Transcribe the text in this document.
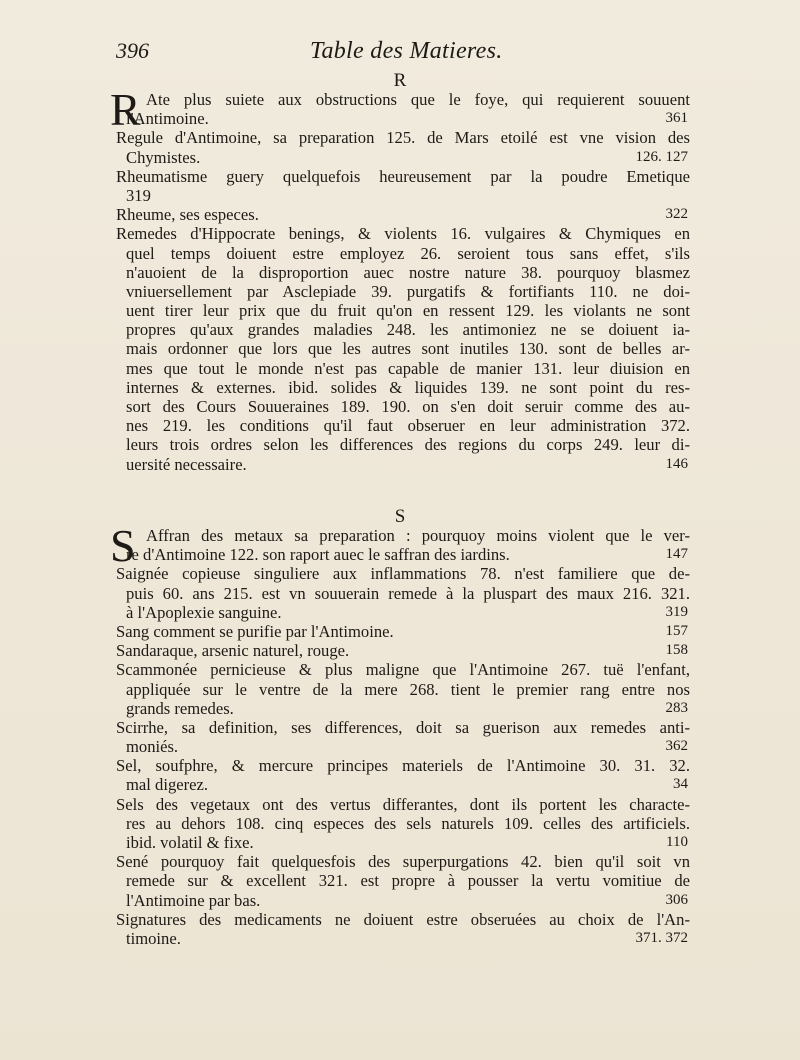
396	Table des Matieres.
R
R Ate plus suiete aux obstructions que le foye, qui requierent souuent
l'Antimoine.	361
Regule d'Antimoine, sa preparation 125. de Mars etoilé est vne vision des
Chymistes.	126. 127
Rheumatisme guery quelquefois heureusement par la poudre Emetique
319
Rheume, ses especes.	322
Remedes d'Hippocrate benings, & violents 16. vulgaires & Chymiques en
quel temps doiuent estre employez 26. seroient tous sans effet, s'ils
n'auoient de la disproportion auec nostre nature 38. pourquoy blasmez
vniuersellement par Asclepiade 39. purgatifs & fortifiants 110. ne doi-
uent tirer leur prix que du fruit qu'on en ressent 129. les violants ne sont
propres qu'aux grandes maladies 248. les antimoniez ne se doiuent ia-
mais ordonner que lors que les autres sont inutiles 130. sont de belles ar-
mes que tout le monde n'est pas capable de manier 131. leur diuision en
internes & externes. ibid. solides & liquides 139. ne sont point du res-
sort des Cours Souueraines 189. 190. on s'en doit seruir comme des au-
nes 219. les conditions qu'il faut obseruer en leur administration 372.
leurs trois ordres selon les differences des regions du corps 249. leur di-
uersité necessaire.	146
S
S Affran des metaux sa preparation : pourquoy moins violent que le ver-
re d'Antimoine 122. son raport auec le saffran des iardins.	147
Saignée copieuse singuliere aux inflammations 78. n'est familiere que de-
puis 60. ans 215. est vn souuerain remede à la pluspart des maux 216. 321.
à l'Apoplexie sanguine.	319
Sang comment se purifie par l'Antimoine.	157
Sandaraque, arsenic naturel, rouge.	158
Scammonée pernicieuse & plus maligne que l'Antimoine 267. tuë l'enfant,
appliquée sur le ventre de la mere 268. tient le premier rang entre nos
grands remedes.	283
Scirrhe, sa definition, ses differences, doit sa guerison aux remedes anti-
moniés.	362
Sel, soufphre, & mercure principes materiels de l'Antimoine 30. 31. 32.
mal digerez.	34
Sels des vegetaux ont des vertus differantes, dont ils portent les characte-
res au dehors 108. cinq especes des sels naturels 109. celles des artificiels.
ibid. volatil & fixe.	110
Sené pourquoy fait quelquesfois des superpurgations 42. bien qu'il soit vn
remede sur & excellent 321. est propre à pousser la vertu vomitiue de
l'Antimoine par bas.	306
Signatures des medicaments ne doiuent estre obseruées au choix de l'An-
timoine.	371. 372
